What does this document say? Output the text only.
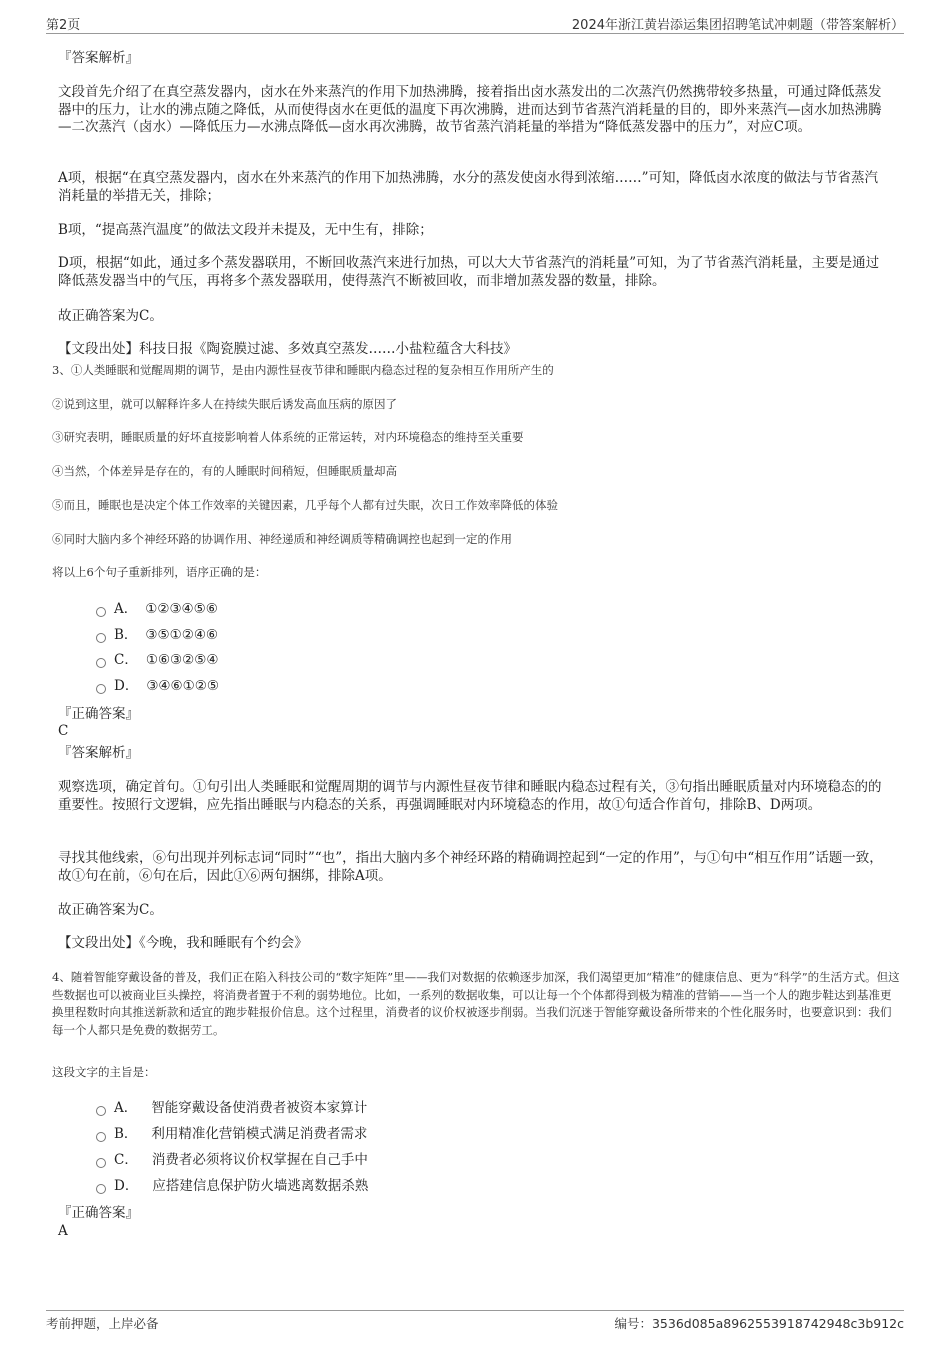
第2页	2024年浙江黄岩添运集团招聘笔试冲刺题（带答案解析）
『答案解析』
文段首先介绍了在真空蒸发器内，卤水在外来蒸汽的作用下加热沸腾，接着指出卤水蒸发出的二次蒸汽仍然携带较多热量，可通过降低蒸发器中的压力，让水的沸点随之降低，从而使得卤水在更低的温度下再次沸腾，进而达到节省蒸汽消耗量的目的，即外来蒸汽—卤水加热沸腾—二次蒸汽（卤水）—降低压力—水沸点降低—卤水再次沸腾，故节省蒸汽消耗量的举措为“降低蒸发器中的压力”，对应C项。
A项，根据“在真空蒸发器内，卤水在外来蒸汽的作用下加热沸腾，水分的蒸发使卤水得到浓缩……”可知，降低卤水浓度的做法与节省蒸汽消耗量的举措无关，排除；
B项，“提高蒸汽温度”的做法文段并未提及，无中生有，排除；
D项，根据“如此，通过多个蒸发器联用，不断回收蒸汽来进行加热，可以大大节省蒸汽的消耗量”可知，为了节省蒸汽消耗量，主要是通过降低蒸发器当中的气压，再将多个蒸发器联用，使得蒸汽不断被回收，而非增加蒸发器的数量，排除。
故正确答案为C。
【文段出处】科技日报《陶瓷膜过滤、多效真空蒸发……小盐粒蕴含大科技》
3、①人类睡眠和觉醒周期的调节，是由内源性昼夜节律和睡眠内稳态过程的复杂相互作用所产生的
②说到这里，就可以解释许多人在持续失眠后诱发高血压病的原因了
③研究表明，睡眠质量的好坏直接影响着人体系统的正常运转，对内环境稳态的维持至关重要
④当然，个体差异是存在的，有的人睡眠时间稍短，但睡眠质量却高
⑤而且，睡眠也是决定个体工作效率的关键因素，几乎每个人都有过失眠，次日工作效率降低的体验
⑥同时大脑内多个神经环路的协调作用、神经递质和神经调质等精确调控也起到一定的作用
将以上6个句子重新排列，语序正确的是：
A． ①②③④⑤⑥
B． ③⑤①②④⑥
C． ①⑥③②⑤④
D． ③④⑥①②⑤
『正确答案』
C
『答案解析』
观察选项，确定首句。①句引出人类睡眠和觉醒周期的调节与内源性昼夜节律和睡眠内稳态过程有关，③句指出睡眠质量对内环境稳态的的重要性。按照行文逻辑，应先指出睡眠与内稳态的关系，再强调睡眠对内环境稳态的作用，故①句适合作首句，排除B、D两项。
寻找其他线索，⑥句出现并列标志词“同时”“也”，指出大脑内多个神经环路的精确调控起到“一定的作用”，与①句中“相互作用”话题一致，故①句在前，⑥句在后，因此①⑥两句捆绑，排除A项。
故正确答案为C。
【文段出处】《今晚，我和睡眠有个约会》
4、随着智能穿戴设备的普及，我们正在陷入科技公司的“数字矩阵”里——我们对数据的依赖逐步加深，我们渴望更加“精准”的健康信息、更为“科学”的生活方式。但这些数据也可以被商业巨头操控，将消费者置于不利的弱势地位。比如，一系列的数据收集，可以让每一个个体都得到极为精准的营销——当一个人的跑步鞋达到基准更换里程数时向其推送新款和适宜的跑步鞋报价信息。这个过程里，消费者的议价权被逐步削弱。当我们沉迷于智能穿戴设备所带来的个性化服务时，也要意识到：我们每一个人都只是免费的数据劳工。
这段文字的主旨是：
A． 智能穿戴设备使消费者被资本家算计
B． 利用精准化营销模式满足消费者需求
C． 消费者必须将议价权掌握在自己手中
D． 应搭建信息保护防火墙逃离数据杀熟
『正确答案』
A
考前押题，上岸必备	编号：3536d085a8962553918742948c3b912c
